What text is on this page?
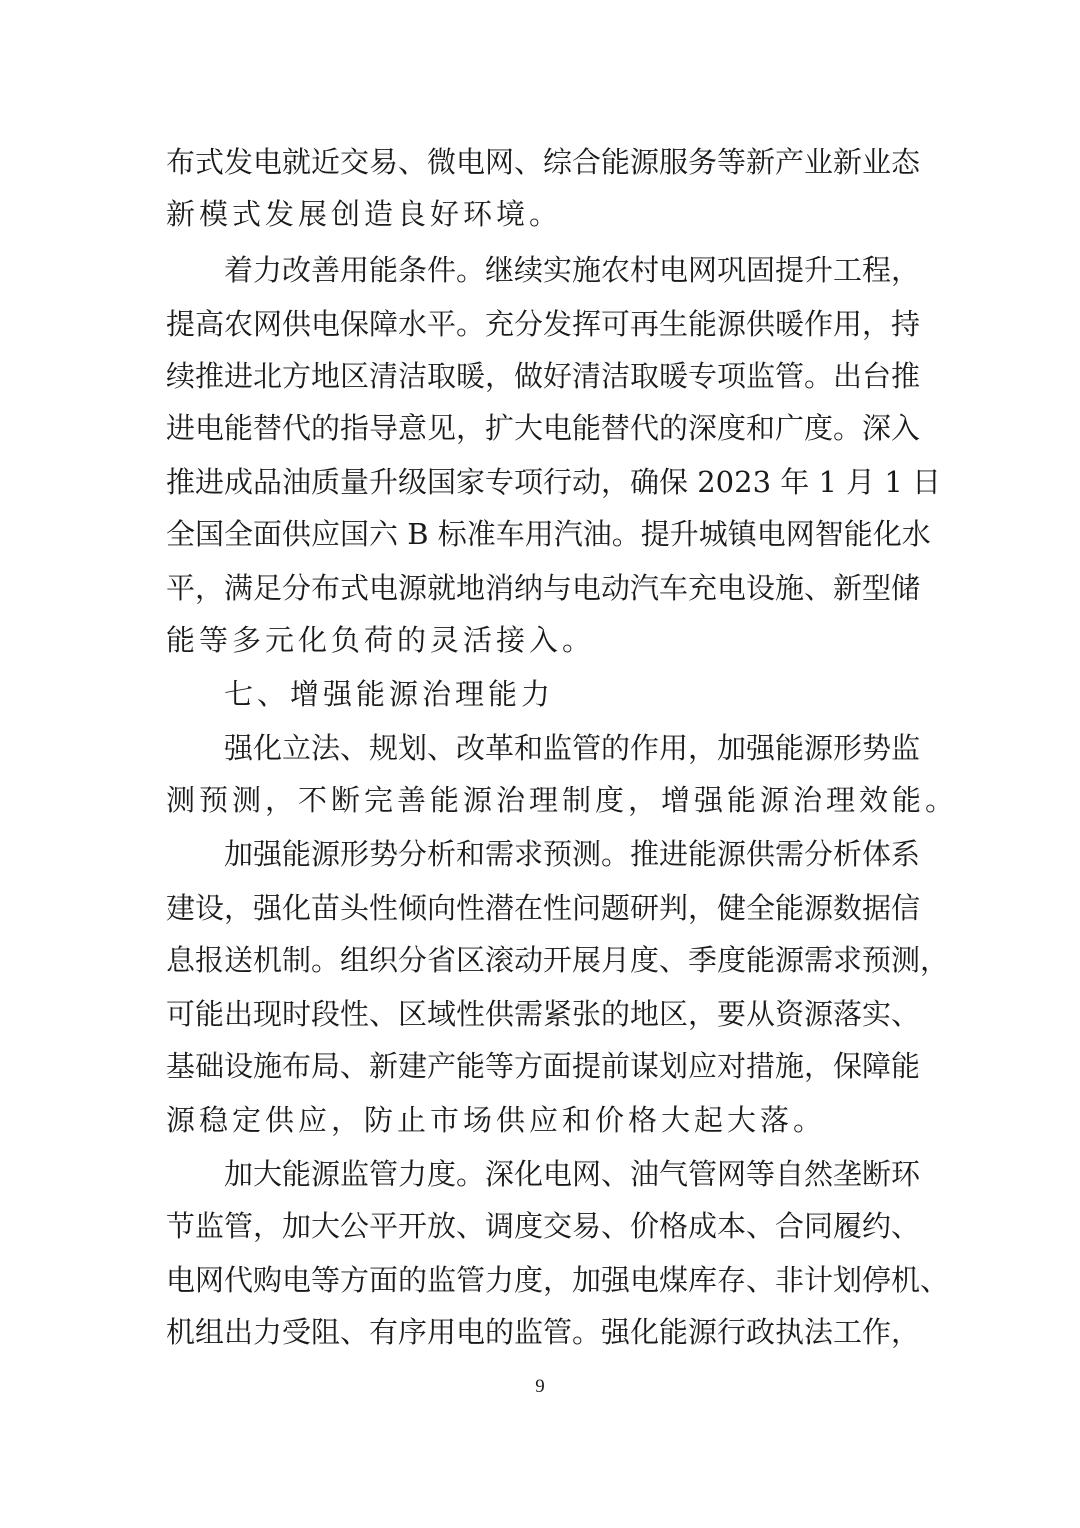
布式发电就近交易、微电网、综合能源服务等新产业新业态
新模式发展创造良好环境。
着力改善用能条件。继续实施农村电网巩固提升工程，
提高农网供电保障水平。充分发挥可再生能源供暖作用，持
续推进北方地区清洁取暖，做好清洁取暖专项监管。出台推
进电能替代的指导意见，扩大电能替代的深度和广度。深入
推进成品油质量升级国家专项行动，确保 2023 年 1 月 1 日
全国全面供应国六 B 标准车用汽油。提升城镇电网智能化水
平，满足分布式电源就地消纳与电动汽车充电设施、新型储
能等多元化负荷的灵活接入。
七、增强能源治理能力
强化立法、规划、改革和监管的作用，加强能源形势监
测预测，不断完善能源治理制度，增强能源治理效能。
加强能源形势分析和需求预测。推进能源供需分析体系
建设，强化苗头性倾向性潜在性问题研判，健全能源数据信
息报送机制。组织分省区滚动开展月度、季度能源需求预测，
可能出现时段性、区域性供需紧张的地区，要从资源落实、
基础设施布局、新建产能等方面提前谋划应对措施，保障能
源稳定供应，防止市场供应和价格大起大落。
加大能源监管力度。深化电网、油气管网等自然垄断环
节监管，加大公平开放、调度交易、价格成本、合同履约、
电网代购电等方面的监管力度，加强电煤库存、非计划停机、
机组出力受阻、有序用电的监管。强化能源行政执法工作，
9
